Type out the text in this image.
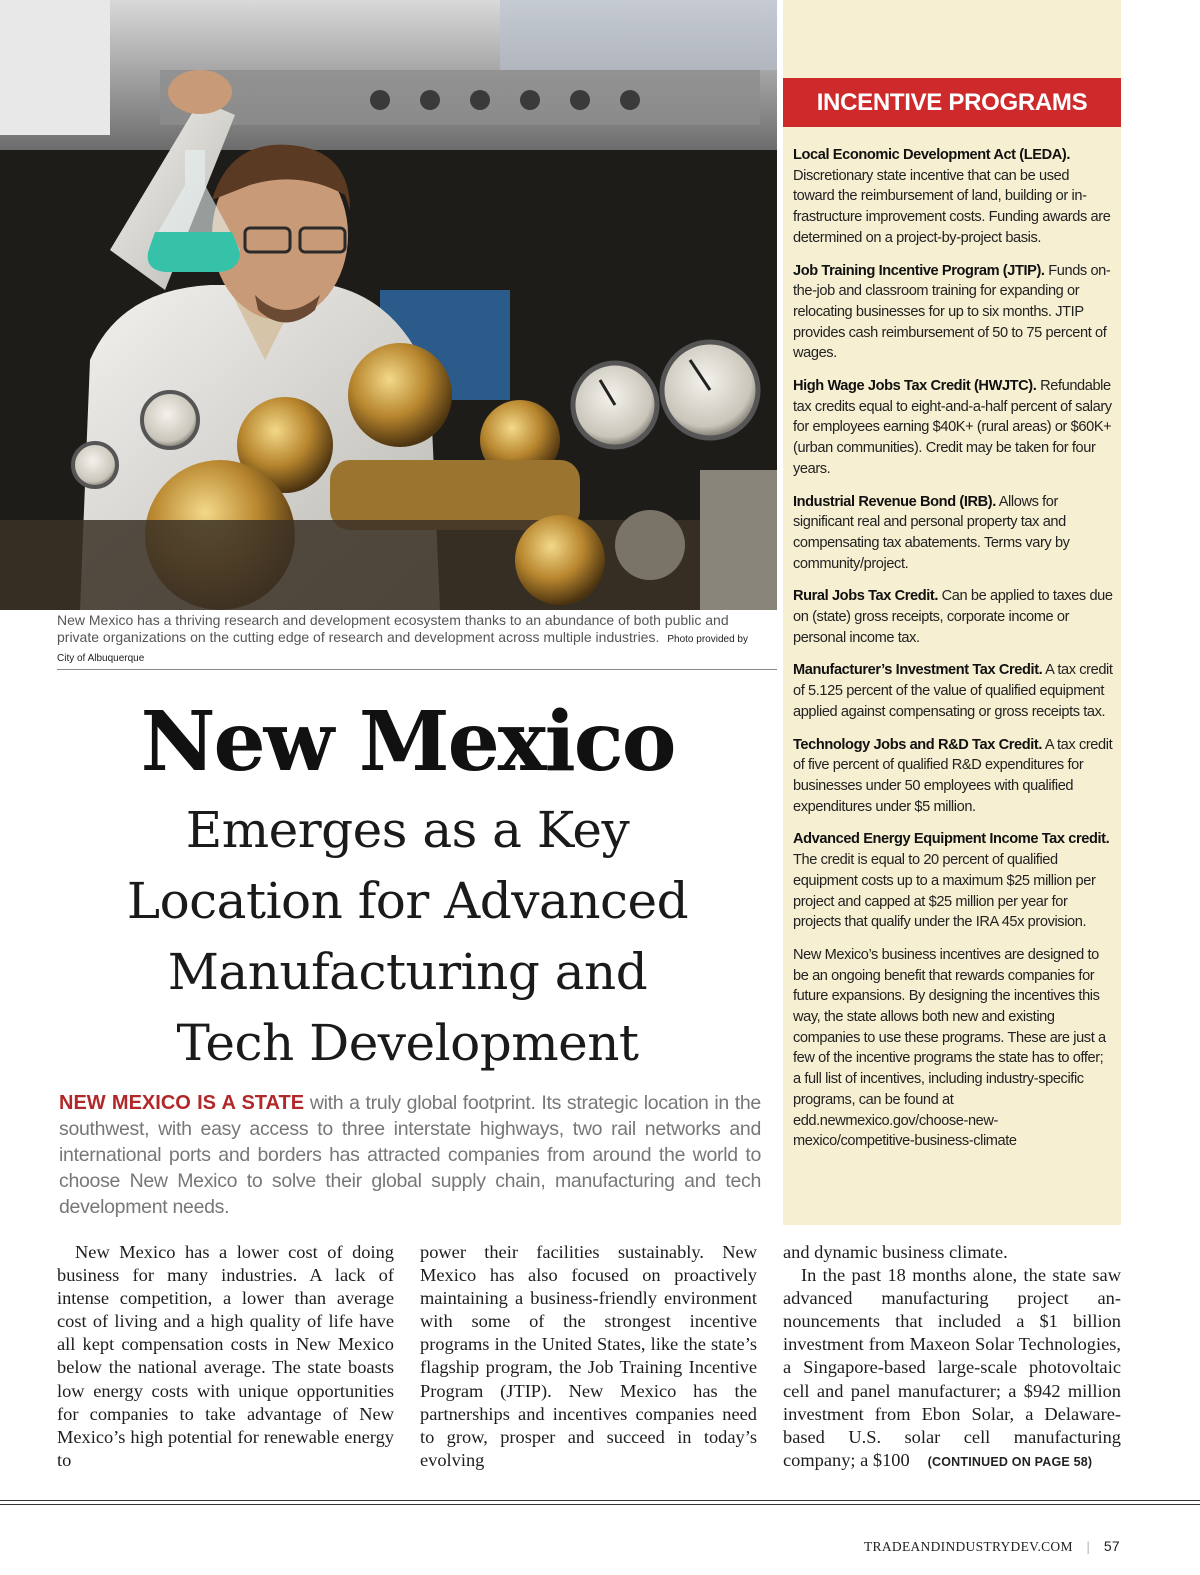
New Mexico has a thriving research and development ecosystem thanks to an abundance of both public and private organizations on the cutting edge of research and development across multiple industries. Photo provided by City of Albuquerque
New Mexico
Emerges as a Key
Location for Advanced
Manufacturing and
Tech Development
NEW MEXICO IS A STATE with a truly global footprint. Its strategic location in the southwest, with easy access to three interstate highways, two rail networks and international ports and borders has attracted companies from around the world to choose New Mexico to solve their global supply chain, manufacturing and tech development needs.

New Mexico has a lower cost of doing business for many industries. A lack of intense competition, a lower than average cost of living and a high quality of life have all kept compensation costs in New Mexico below the national average. The state boasts low energy costs with unique opportunities for companies to take advantage of New Mexico’s high potential for renewable energy to

power their facilities sustainably. New Mexico has also focused on proactively maintaining a business-friendly environment with some of the strongest incentive programs in the United States, like the state’s flagship program, the Job Training Incentive Program (JTIP). New Mexico has the partnerships and incentives companies need to grow, prosper and succeed in today’s evolving

and dynamic business climate.

In the past 18 months alone, the state saw advanced manufacturing project announcements that included a $1 billion investment from Maxeon Solar Technologies, a Singapore-based large-scale photovoltaic cell and panel manufacturer; a $942 million investment from Ebon Solar, a Delaware-based U.S. solar cell manufacturing company; a $100 (CONTINUED ON PAGE 58)

INCENTIVE PROGRAMS

Local Economic Development Act (LEDA). Discretionary state incentive that can be used toward the reimbursement of land, building or infrastructure improvement costs. Funding awards are determined on a project-by-project basis.

Job Training Incentive Program (JTIP). Funds on-the-job and classroom training for expanding or relocating businesses for up to six months. JTIP provides cash reimbursement of 50 to 75 percent of wages.

High Wage Jobs Tax Credit (HWJTC). Refundable tax credits equal to eight-and-a-half percent of salary for employees earning $40K+ (rural areas) or $60K+ (urban communities). Credit may be taken for four years.

Industrial Revenue Bond (IRB). Allows for significant real and personal property tax and compensating tax abatements. Terms vary by community/project.

Rural Jobs Tax Credit. Can be applied to taxes due on (state) gross receipts, corporate income or personal income tax.

Manufacturer’s Investment Tax Credit. A tax credit of 5.125 percent of the value of qualified equipment applied against compensating or gross receipts tax.

Technology Jobs and R&D Tax Credit. A tax credit of five percent of qualified R&D expenditures for businesses under 50 employees with qualified expenditures under $5 million.

Advanced Energy Equipment Income Tax credit. The credit is equal to 20 percent of qualified equipment costs up to a maximum $25 million per project and capped at $25 million per year for projects that qualify under the IRA 45x provision.

New Mexico’s business incentives are designed to be an ongoing benefit that rewards companies for future expansions. By designing the incentives this way, the state allows both new and existing companies to use these programs. These are just a few of the incentive programs the state has to offer; a full list of incentives, including industry-specific programs, can be found at edd.newmexico.gov/choose-new-mexico/competitive-business-climate

TRADEANDINDUSTRYDEV.COM | 57
